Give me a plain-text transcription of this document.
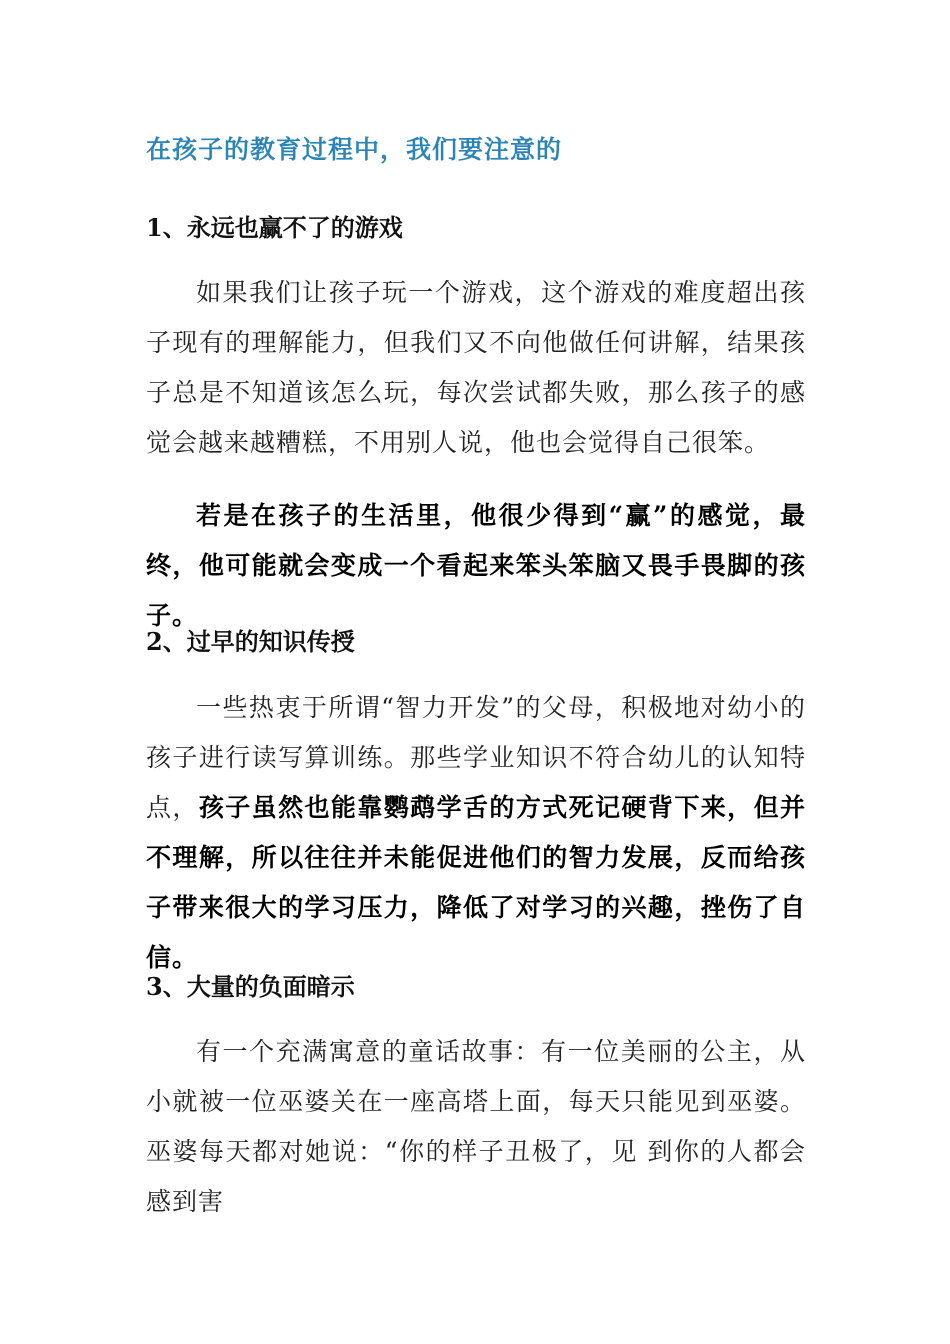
在孩子的教育过程中，我们要注意的
1、永远也赢不了的游戏
如果我们让孩子玩一个游戏，这个游戏的难度超出孩子现有的理解能力，但我们又不向他做任何讲解，结果孩子总是不知道该怎么玩，每次尝试都失败，那么孩子的感觉会越来越糟糕，不用别人说，他也会觉得自己很笨。
若是在孩子的生活里，他很少得到“赢”的感觉，最终，他可能就会变成一个看起来笨头笨脑又畏手畏脚的孩子。
2、过早的知识传授
一些热衷于所谓“智力开发”的父母，积极地对幼小的孩子进行读写算训练。那些学业知识不符合幼儿的认知特点，孩子虽然也能靠鹦鹉学舌的方式死记硬背下来，但并不理解，所以往往并未能促进他们的智力发展，反而给孩子带来很大的学习压力，降低了对学习的兴趣，挫伤了自信。
3、大量的负面暗示
有一个充满寓意的童话故事：有一位美丽的公主，从小就被一位巫婆关在一座高塔上面，每天只能见到巫婆。巫婆每天都对她说：“你的样子丑极了，见 到你的人都会感到害
